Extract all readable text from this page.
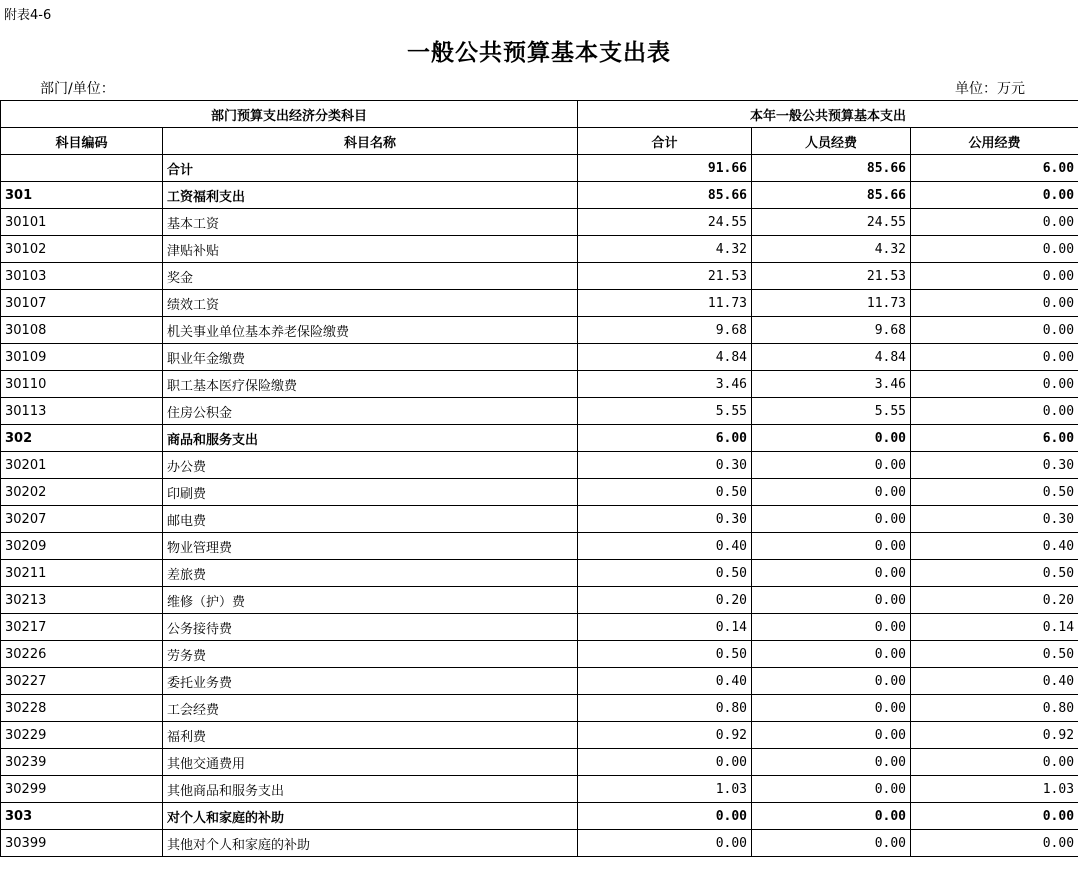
附表4-6
一般公共预算基本支出表
部门/单位：	单位：万元
部门预算支出经济分类科目		本年一般公共预算基本支出		
科目编码	科目名称	合计	人员经费	公用经费
	合计	91.66	85.66	6.00
301	工资福利支出	85.66	85.66	0.00
30101	基本工资	24.55	24.55	0.00
30102	津贴补贴	4.32	4.32	0.00
30103	奖金	21.53	21.53	0.00
30107	绩效工资	11.73	11.73	0.00
30108	机关事业单位基本养老保险缴费	9.68	9.68	0.00
30109	职业年金缴费	4.84	4.84	0.00
30110	职工基本医疗保险缴费	3.46	3.46	0.00
30113	住房公积金	5.55	5.55	0.00
302	商品和服务支出	6.00	0.00	6.00
30201	办公费	0.30	0.00	0.30
30202	印刷费	0.50	0.00	0.50
30207	邮电费	0.30	0.00	0.30
30209	物业管理费	0.40	0.00	0.40
30211	差旅费	0.50	0.00	0.50
30213	维修（护）费	0.20	0.00	0.20
30217	公务接待费	0.14	0.00	0.14
30226	劳务费	0.50	0.00	0.50
30227	委托业务费	0.40	0.00	0.40
30228	工会经费	0.80	0.00	0.80
30229	福利费	0.92	0.00	0.92
30239	其他交通费用	0.00	0.00	0.00
30299	其他商品和服务支出	1.03	0.00	1.03
303	对个人和家庭的补助	0.00	0.00	0.00
30399	其他对个人和家庭的补助	0.00	0.00	0.00
